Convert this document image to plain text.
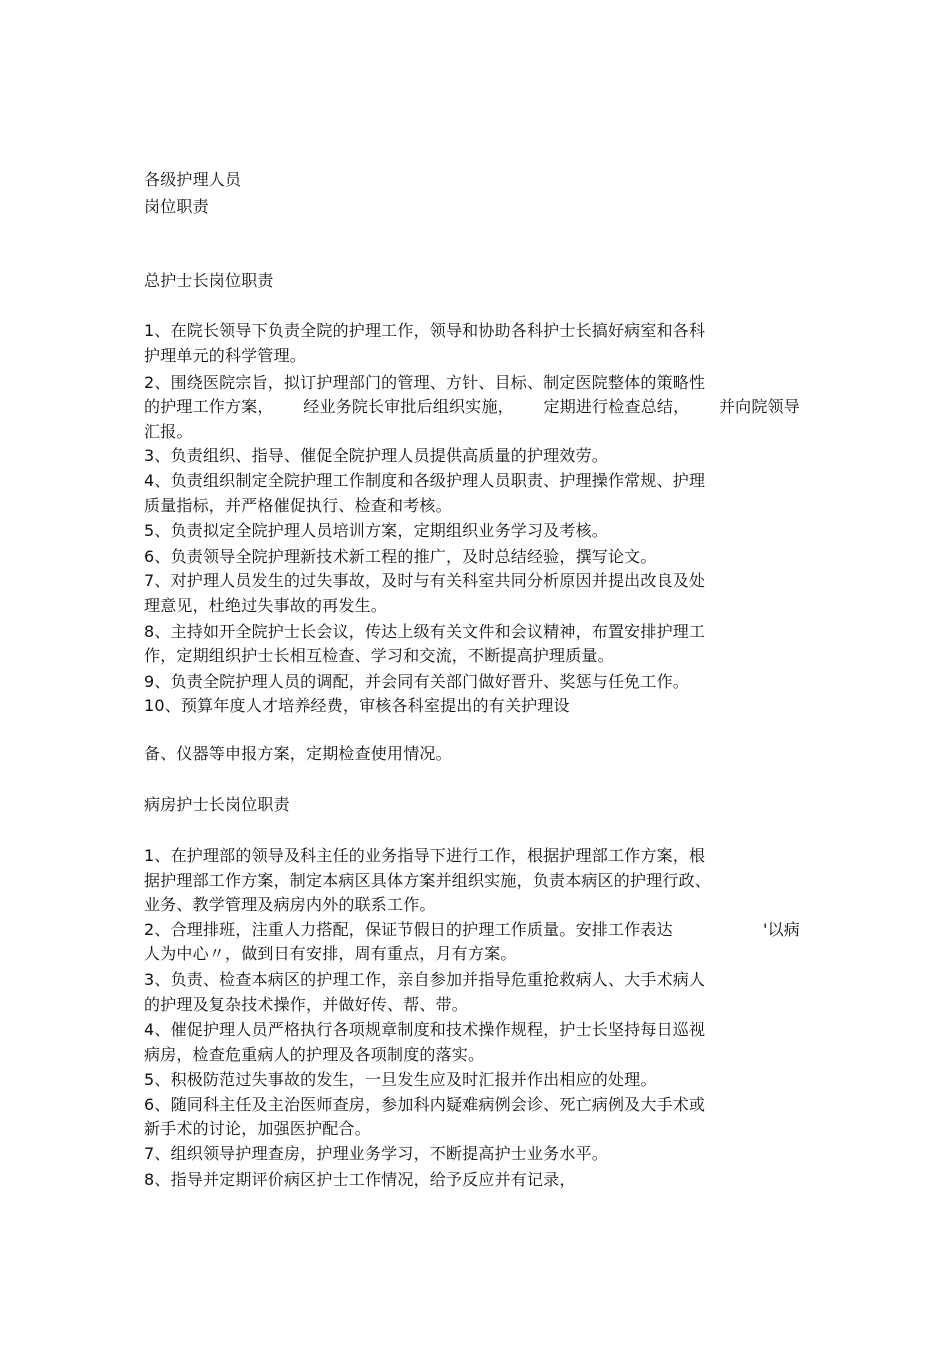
各级护理人员
岗位职责
总护士长岗位职责
1、在院长领导下负责全院的护理工作，领导和协助各科护士长搞好病室和各科
护理单元的科学管理。
2、围绕医院宗旨，拟订护理部门的管理、方针、目标、制定医院整体的策略性
的护理工作方案， 经业务院长审批后组织实施， 定期进行检查总结， 并向院领导
汇报。
3、负责组织、指导、催促全院护理人员提供高质量的护理效劳。
4、负责组织制定全院护理工作制度和各级护理人员职责、护理操作常规、护理
质量指标，并严格催促执行、检查和考核。
5、负责拟定全院护理人员培训方案，定期组织业务学习及考核。
6、负责领导全院护理新技术新工程的推广，及时总结经验，撰写论文。
7、对护理人员发生的过失事故，及时与有关科室共同分析原因并提出改良及处
理意见，杜绝过失事故的再发生。
8、主持如开全院护士长会议，传达上级有关文件和会议精神，布置安排护理工
作，定期组织护士长相互检查、学习和交流，不断提高护理质量。
9、负责全院护理人员的调配，并会同有关部门做好晋升、奖惩与任免工作。
10、预算年度人才培养经费，审核各科室提出的有关护理设
备、仪器等申报方案，定期检查使用情况。
病房护士长岗位职责
1、在护理部的领导及科主任的业务指导下进行工作，根据护理部工作方案，根
据护理部工作方案，制定本病区具体方案并组织实施，负责本病区的护理行政、
业务、教学管理及病房内外的联系工作。
2、合理排班，注重人力搭配，保证节假日的护理工作质量。安排工作表达	'以病
人为中心〃，做到日有安排，周有重点，月有方案。
3、负责、检查本病区的护理工作，亲自参加并指导危重抢救病人、大手术病人
的护理及复杂技术操作，并做好传、帮、带。
4、催促护理人员严格执行各项规章制度和技术操作规程，护士长坚持每日巡视
病房，检查危重病人的护理及各项制度的落实。
5、积极防范过失事故的发生，一旦发生应及时汇报并作出相应的处理。
6、随同科主任及主治医师查房，参加科内疑难病例会诊、死亡病例及大手术或
新手术的讨论，加强医护配合。
7、组织领导护理查房，护理业务学习，不断提高护士业务水平。
8、指导并定期评价病区护士工作情况，给予反应并有记录，
